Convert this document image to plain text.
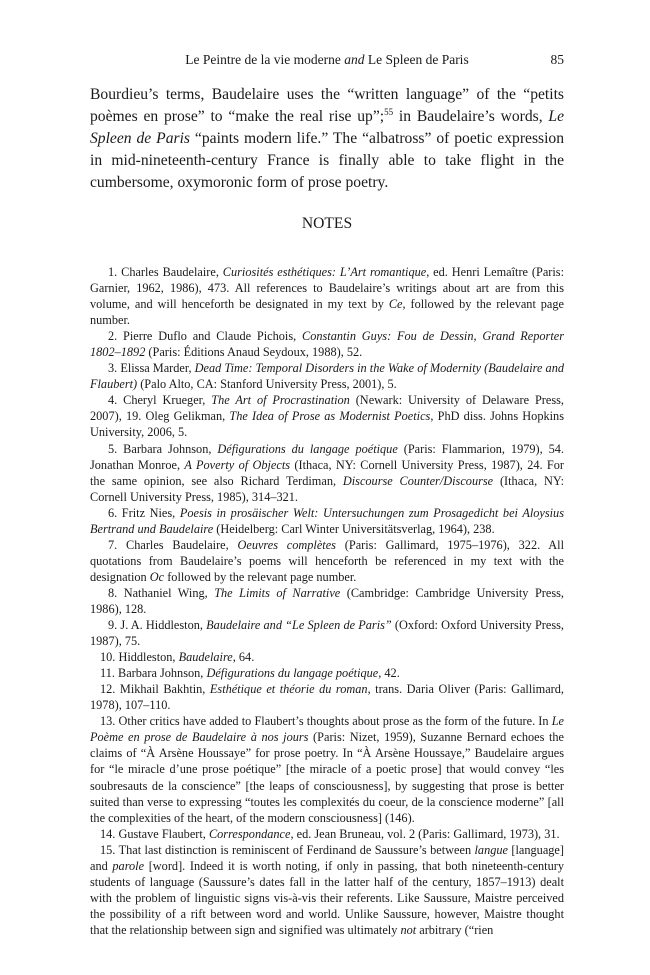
Le Peintre de la vie moderne and Le Spleen de Paris	85

Bourdieu’s terms, Baudelaire uses the “written language” of the “petits poèmes en prose” to “make the real rise up”;$^{55}$ in Baudelaire’s words, Le Spleen de Paris “paints modern life.” The “albatross” of poetic expression in mid-nineteenth-century France is finally able to take flight in the cumbersome, oxymoronic form of prose poetry.

NOTES

1. Charles Baudelaire, Curiosités esthétiques: L’Art romantique, ed. Henri Lemaître (Paris: Garnier, 1962, 1986), 473. All references to Baudelaire’s writings about art are from this volume, and will henceforth be designated in my text by Ce, followed by the relevant page number.

2. Pierre Duflo and Claude Pichois, Constantin Guys: Fou de Dessin, Grand Reporter 1802–1892 (Paris: Éditions Anaud Seydoux, 1988), 52.

3. Elissa Marder, Dead Time: Temporal Disorders in the Wake of Modernity (Baudelaire and Flaubert) (Palo Alto, CA: Stanford University Press, 2001), 5.

4. Cheryl Krueger, The Art of Procrastination (Newark: University of Delaware Press, 2007), 19. Oleg Gelikman, The Idea of Prose as Modernist Poetics, PhD diss. Johns Hopkins University, 2006, 5.

5. Barbara Johnson, Défigurations du langage poétique (Paris: Flammarion, 1979), 54. Jonathan Monroe, A Poverty of Objects (Ithaca, NY: Cornell University Press, 1987), 24. For the same opinion, see also Richard Terdiman, Discourse Counter/Discourse (Ithaca, NY: Cornell University Press, 1985), 314–321.

6. Fritz Nies, Poesis in prosäischer Welt: Untersuchungen zum Prosagedicht bei Aloysius Bertrand und Baudelaire (Heidelberg: Carl Winter Universitätsverlag, 1964), 238.

7. Charles Baudelaire, Oeuvres complètes (Paris: Gallimard, 1975–1976), 322. All quotations from Baudelaire’s poems will henceforth be referenced in my text with the designation Oc followed by the relevant page number.

8. Nathaniel Wing, The Limits of Narrative (Cambridge: Cambridge University Press, 1986), 128.

9. J. A. Hiddleston, Baudelaire and “Le Spleen de Paris” (Oxford: Oxford University Press, 1987), 75.

10. Hiddleston, Baudelaire, 64.

11. Barbara Johnson, Défigurations du langage poétique, 42.

12. Mikhail Bakhtin, Esthétique et théorie du roman, trans. Daria Oliver (Paris: Gallimard, 1978), 107–110.

13. Other critics have added to Flaubert’s thoughts about prose as the form of the future. In Le Poème en prose de Baudelaire à nos jours (Paris: Nizet, 1959), Suzanne Bernard echoes the claims of “À Arsène Houssaye” for prose poetry. In “À Arsène Houssaye,” Baudelaire argues for “le miracle d’une prose poétique” [the miracle of a poetic prose] that would convey “les soubresauts de la conscience” [the leaps of consciousness], by suggesting that prose is better suited than verse to expressing “toutes les complexités du coeur, de la conscience moderne” [all the complexities of the heart, of the modern consciousness] (146).

14. Gustave Flaubert, Correspondance, ed. Jean Bruneau, vol. 2 (Paris: Gallimard, 1973), 31.

15. That last distinction is reminiscent of Ferdinand de Saussure’s between langue [language] and parole [word]. Indeed it is worth noting, if only in passing, that both nineteenth-century students of language (Saussure’s dates fall in the latter half of the century, 1857–1913) dealt with the problem of linguistic signs vis-à-vis their referents. Like Saussure, Maistre perceived the possibility of a rift between word and world. Unlike Saussure, however, Maistre thought that the relationship between sign and signified was ultimately not arbitrary (“rien
